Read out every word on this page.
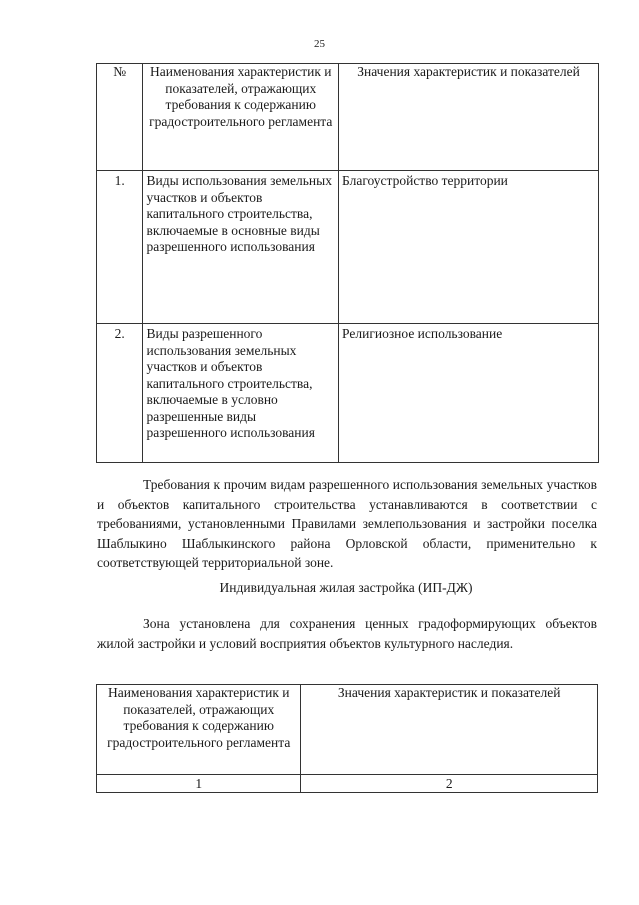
25
№	Наименования характеристик и показателей, отражающих требования к содержанию градостроительного регламента	Значения характеристик и показателей
1.	Виды использования земельных участков и объектов капитального строительства, включаемые в основные виды разрешенного использования	Благоустройство территории
2.	Виды разрешенного использования земельных участков и объектов капитального строительства, включаемые в условно разрешенные виды разрешенного использования	Религиозное использование

Требования к прочим видам разрешенного использования земельных участков и объектов капитального строительства устанавливаются в соответствии с требованиями, установленными Правилами землепользования и застройки поселка Шаблыкино Шаблыкинского района Орловской области, применительно к соответствующей территориальной зоне.

Индивидуальная жилая застройка (ИП-ДЖ)

Зона установлена для сохранения ценных градоформирующих объектов жилой застройки и условий восприятия объектов культурного наследия.

Наименования характеристик и показателей, отражающих требования к содержанию градостроительного регламента	Значения характеристик и показателей
1	2
